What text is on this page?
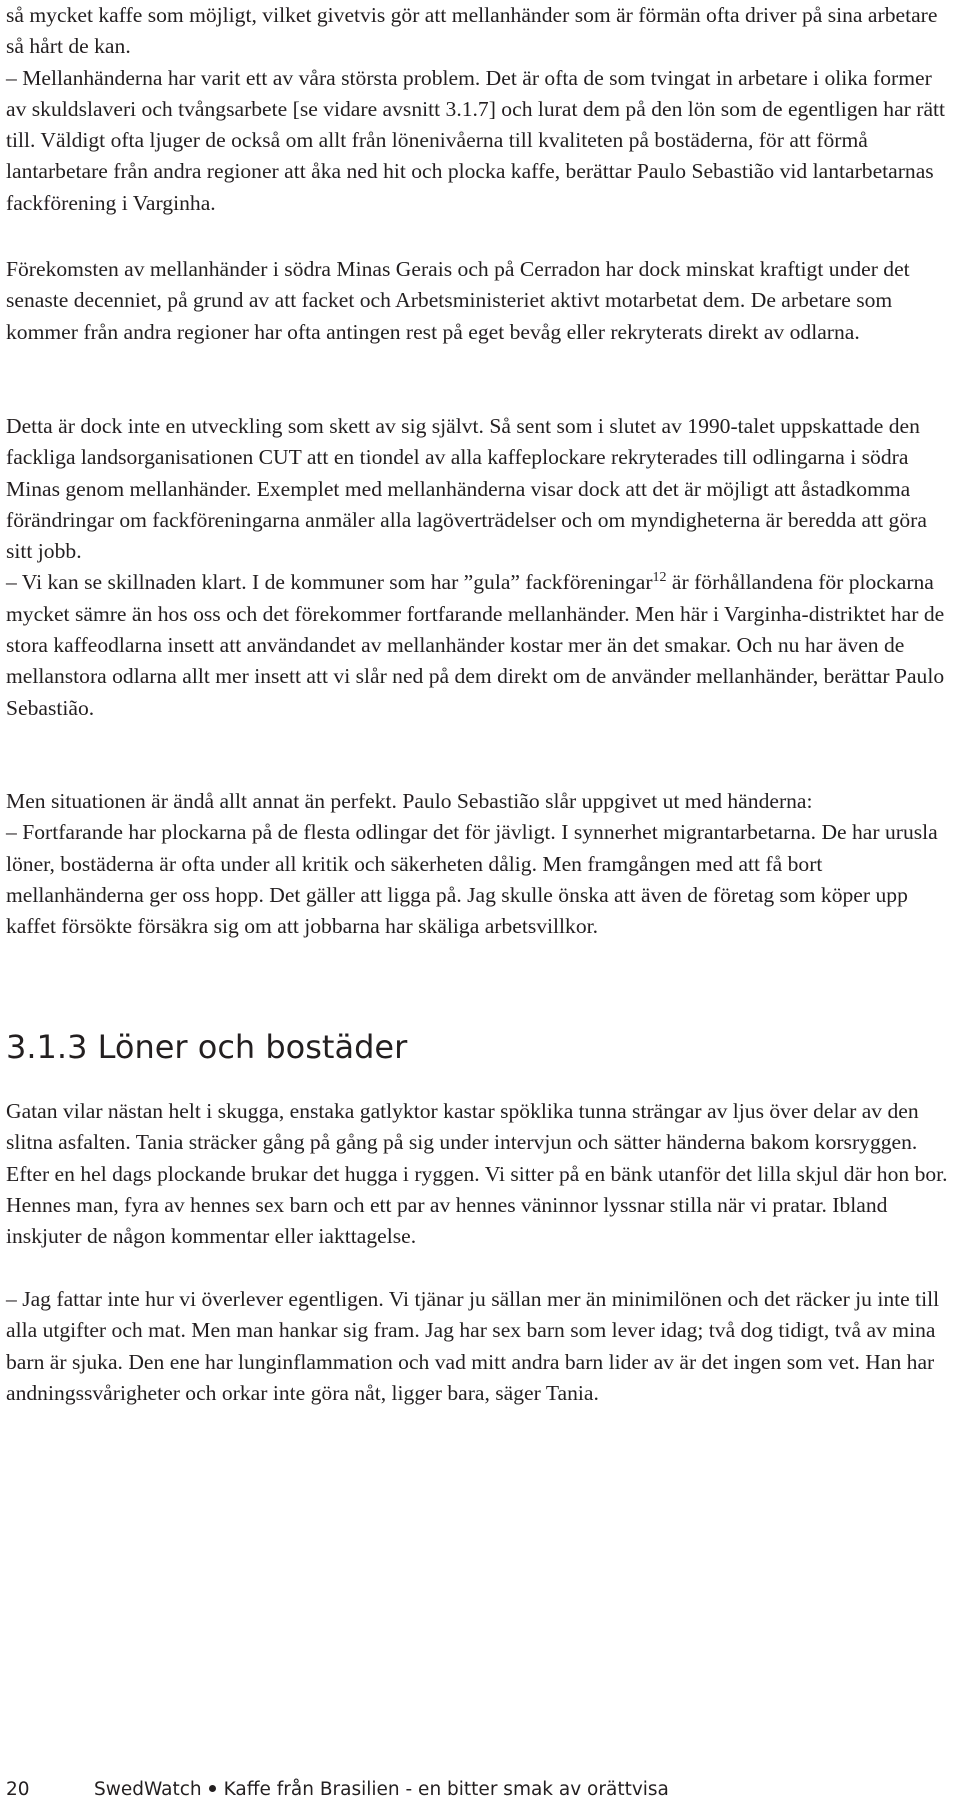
så mycket kaffe som möjligt, vilket givetvis gör att mellanhänder som är förmän ofta driver på sina arbetare så hårt de kan.

– Mellanhänderna har varit ett av våra största problem. Det är ofta de som tvingat in arbetare i olika former av skuldslaveri och tvångsarbete [se vidare avsnitt 3.1.7] och lurat dem på den lön som de egentligen har rätt till. Väldigt ofta ljuger de också om allt från lönenivåerna till kvaliteten på bostäderna, för att förmå lantarbetare från andra regioner att åka ned hit och plocka kaffe, berättar Paulo Sebastião vid lantarbetarnas fackförening i Varginha.

Förekomsten av mellanhänder i södra Minas Gerais och på Cerradon har dock minskat kraftigt under det senaste decenniet, på grund av att facket och Arbetsministeriet aktivt motarbetat dem. De arbetare som kommer från andra regioner har ofta antingen rest på eget bevåg eller rekryterats direkt av odlarna.

Detta är dock inte en utveckling som skett av sig självt. Så sent som i slutet av 1990-talet uppskattade den fackliga landsorganisationen CUT att en tiondel av alla kaffeplockare rekryterades till odlingarna i södra Minas genom mellanhänder. Exemplet med mellanhänderna visar dock att det är möjligt att åstadkomma förändringar om fackföreningarna anmäler alla lagöverträdelser och om myndigheterna är beredda att göra sitt jobb.

– Vi kan se skillnaden klart. I de kommuner som har ”gula” fackföreningar$^{12}$ är förhållandena för plockarna mycket sämre än hos oss och det förekommer fortfarande mellanhänder. Men här i Varginha-distriktet har de stora kaffeodlarna insett att användandet av mellanhänder kostar mer än det smakar. Och nu har även de mellanstora odlarna allt mer insett att vi slår ned på dem direkt om de använder mellanhänder, berättar Paulo Sebastião.

Men situationen är ändå allt annat än perfekt. Paulo Sebastião slår uppgivet ut med händerna:

– Fortfarande har plockarna på de flesta odlingar det för jävligt. I synnerhet migrantarbetarna. De har urusla löner, bostäderna är ofta under all kritik och säkerheten dålig. Men framgången med att få bort mellanhänderna ger oss hopp. Det gäller att ligga på. Jag skulle önska att även de företag som köper upp kaffet försökte försäkra sig om att jobbarna har skäliga arbetsvillkor.

3.1.3 Löner och bostäder

Gatan vilar nästan helt i skugga, enstaka gatlyktor kastar spöklika tunna strängar av ljus över delar av den slitna asfalten. Tania sträcker gång på gång på sig under intervjun och sätter händerna bakom korsryggen. Efter en hel dags plockande brukar det hugga i ryggen. Vi sitter på en bänk utanför det lilla skjul där hon bor. Hennes man, fyra av hennes sex barn och ett par av hennes väninnor lyssnar stilla när vi pratar. Ibland inskjuter de någon kommentar eller iakttagelse.

– Jag fattar inte hur vi överlever egentligen. Vi tjänar ju sällan mer än minimilönen och det räcker ju inte till alla utgifter och mat. Men man hankar sig fram. Jag har sex barn som lever idag; två dog tidigt, två av mina barn är sjuka. Den ene har lunginflammation och vad mitt andra barn lider av är det ingen som vet. Han har andningssvårigheter och orkar inte göra nåt, ligger bara, säger Tania.

20	SwedWatch Kaffe från Brasilien - en bitter smak av orättvisa
